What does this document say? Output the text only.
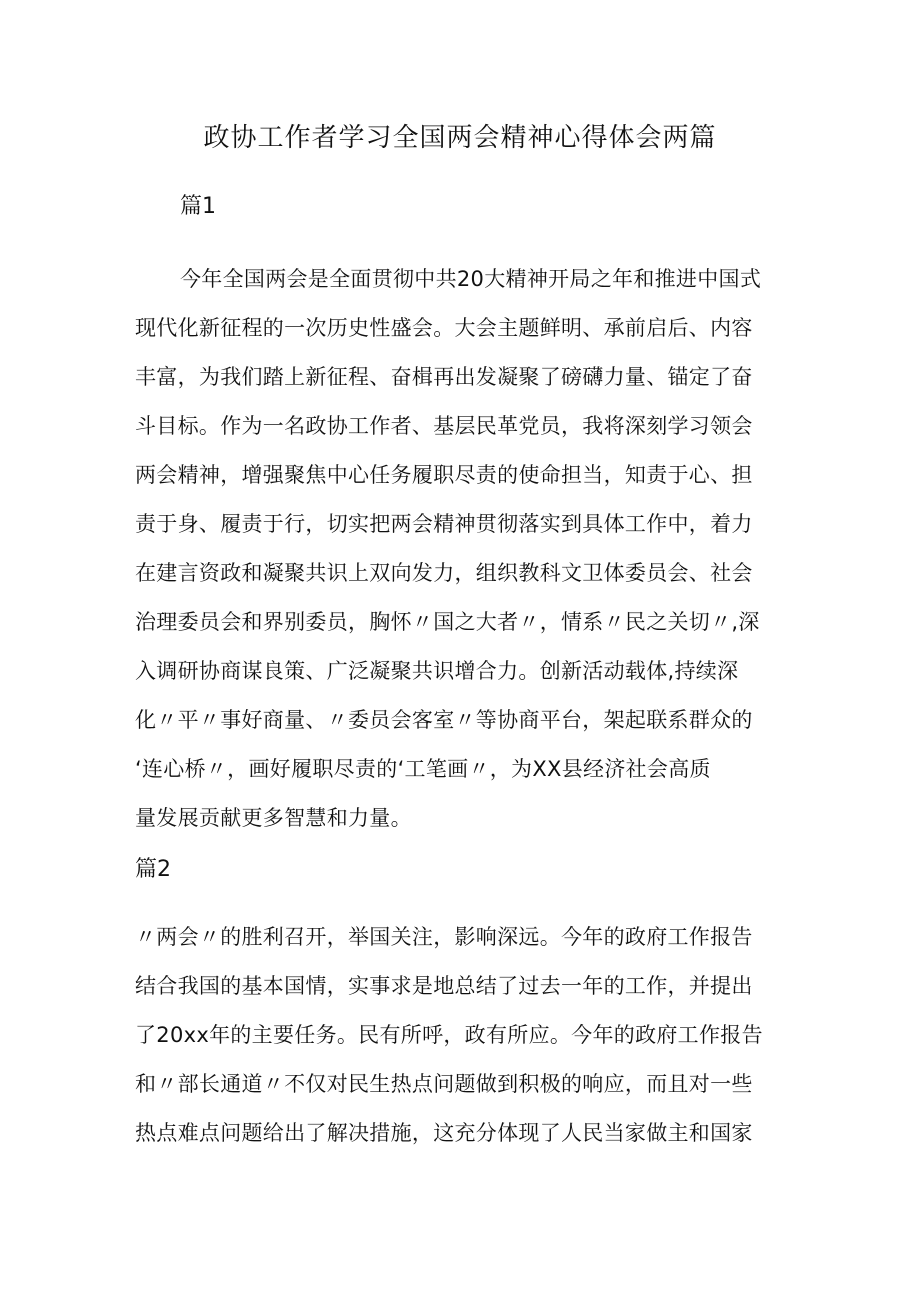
政协工作者学习全国两会精神心得体会两篇
篇1
今年全国两会是全面贯彻中共20大精神开局之年和推进中国式
现代化新征程的一次历史性盛会。大会主题鲜明、承前启后、内容
丰富，为我们踏上新征程、奋楫再出发凝聚了磅礴力量、锚定了奋
斗目标。作为一名政协工作者、基层民革党员，我将深刻学习领会
两会精神，增强聚焦中心任务履职尽责的使命担当，知责于心、担
责于身、履责于行，切实把两会精神贯彻落实到具体工作中，着力
在建言资政和凝聚共识上双向发力，组织教科文卫体委员会、社会
治理委员会和界别委员，胸怀〃国之大者〃，情系〃民之关切〃,深
入调研协商谋良策、广泛凝聚共识增合力。创新活动载体,持续深
化〃平〃事好商量、〃委员会客室〃等协商平台，架起联系群众的
‘连心桥〃，画好履职尽责的‘工笔画〃，为XX县经济社会高质
量发展贡献更多智慧和力量。
篇2
〃两会〃的胜利召开，举国关注，影响深远。今年的政府工作报告
结合我国的基本国情，实事求是地总结了过去一年的工作，并提出
了20xx年的主要任务。民有所呼，政有所应。今年的政府工作报告
和〃部长通道〃不仅对民生热点问题做到积极的响应，而且对一些
热点难点问题给出了解决措施，这充分体现了人民当家做主和国家
